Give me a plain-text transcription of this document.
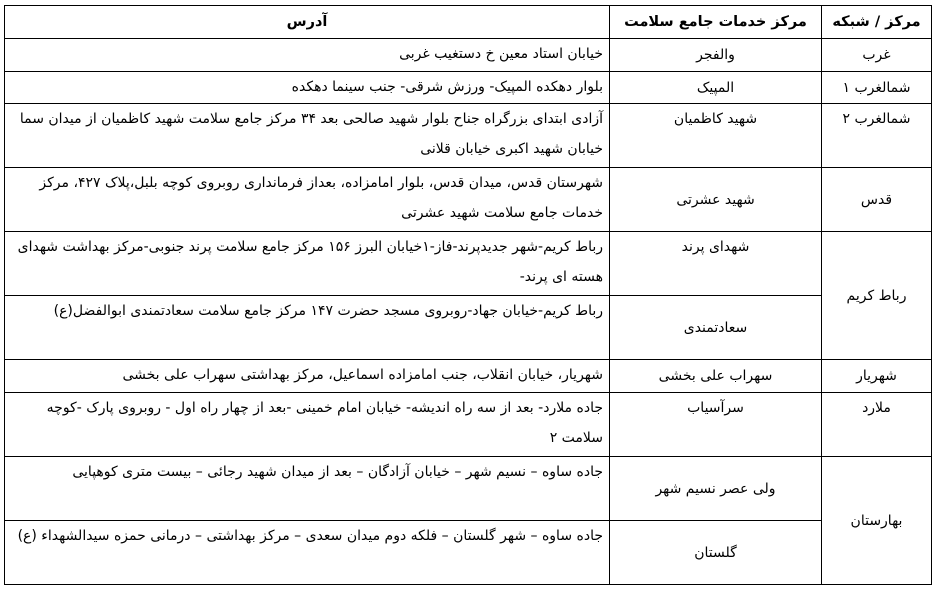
مرکز / شبکه	مرکز خدمات جامع سلامت	آدرس
غرب	والفجر	خیابان استاد معین خ دستغیب غربی
شمالغرب ۱	المپیک	بلوار دهکده المپیک- ورزش شرقی- جنب سینما دهکده
شمالغرب ۲	شهید کاظمیان	آزادی ابتدای بزرگراه جناح بلوار شهید صالحی بعد ۳۴ مرکز جامع سلامت شهید کاظمیان از میدان سما خیابان شهید اکبری خیابان قلانی
قدس	شهید عشرتی	شهرستان قدس، میدان قدس، بلوار امامزاده، بعداز فرمانداری روبروی کوچه بلبل،پلاک ۴۲۷، مرکز خدمات جامع سلامت شهید عشرتی
رباط کریم	شهدای پرند	رباط کریم-شهر جدیدپرند-فاز-۱خیابان البرز ۱۵۶ مرکز جامع سلامت پرند جنوبی-مرکز بهداشت شهدای هسته ای پرند-
	سعادتمندی	رباط کریم-خیابان جهاد-روبروی مسجد حضرت ۱۴۷ مرکز جامع سلامت سعادتمندی ابوالفضل(ع)
شهریار	سهراب علی بخشی	شهریار، خیابان انقلاب، جنب امامزاده اسماعیل، مرکز بهداشتی سهراب علی بخشی
ملارد	سرآسیاب	جاده ملارد- بعد از سه راه اندیشه- خیابان امام خمینی -بعد از چهار راه اول - روبروی پارک -کوچه سلامت ۲
بهارستان	ولی عصر نسیم شهر	جاده ساوه – نسیم شهر – خیابان آزادگان – بعد از میدان شهید رجائی – بیست متری کوهپایی
	گلستان	جاده ساوه – شهر گلستان – فلکه دوم میدان سعدی – مرکز بهداشتی – درمانی حمزه سیدالشهداء (ع)
